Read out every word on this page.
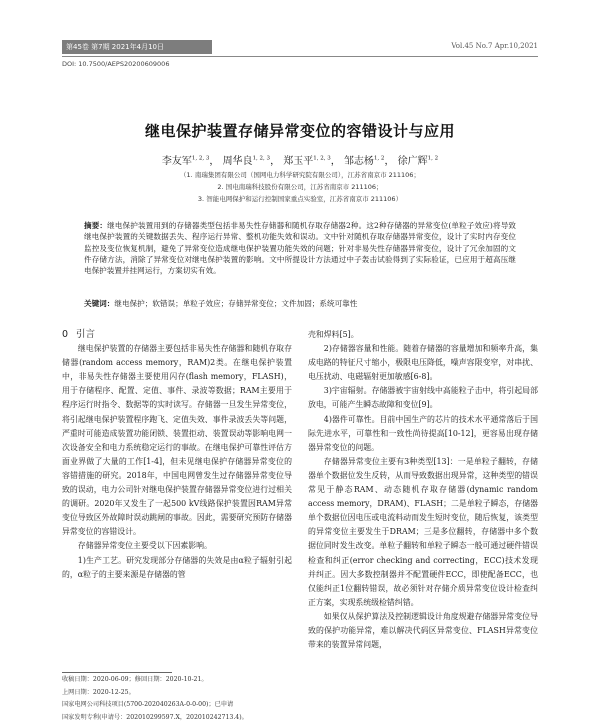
第45卷 第7期 2021年4月10日	Vol.45 No.7 Apr.10,2021
DOI: 10.7500/AEPS20200609006
继电保护装置存储异常变位的容错设计与应用
李友军$^{1, 2, 3}$， 周华良$^{1, 2, 3}$， 郑玉平$^{1, 2, 3}$， 邹志杨$^{1, 2}$， 徐广辉$^{1, 2}$
（1. 南瑞集团有限公司（国网电力科学研究院有限公司），江苏省南京市 211106；
2. 国电南瑞科技股份有限公司，江苏省南京市 211106；
3. 智能电网保护和运行控制国家重点实验室，江苏省南京市 211106）
摘要：继电保护装置用到的存储器类型包括非易失性存储器和随机存取存储器2种。这2种存储器的异常变位(单粒子效应)将导致继电保护装置的关键数据丢失、程序运行异常、整机功能失效和误动。文中针对随机存取存储器异常变位，设计了实时内存变位监控及变位恢复机制，避免了异常变位造成继电保护装置功能失效的问题；针对非易失性存储器异常变位，设计了冗余加固的文件存储方法，消除了异常变位对继电保护装置的影响。文中所提设计方法通过中子轰击试验得到了实际验证，已应用于超高压继电保护装置并挂网运行，方案切实有效。
关键词：继电保护；软错误；单粒子效应；存储异常变位；文件加固；系统可靠性

0 引言

继电保护装置的存储器主要包括非易失性存储器和随机存取存储器(random access memory，RAM)2类。在继电保护装置中，非易失性存储器主要使用闪存(flash memory，FLASH)，用于存储程序、配置、定值、事件、录波等数据；RAM主要用于程序运行时指令、数据等的实时读写。存储器一旦发生异常变位，将引起继电保护装置程序跑飞、定值失效、事件录波丢失等问题，严重时可能造成装置功能闭锁、装置拒动、装置误动等影响电网一次设备安全和电力系统稳定运行的事故。在继电保护可靠性评估方面业界做了大量的工作[1-4]，但未见继电保护存储器异常变位的容错措施的研究。2018年，中国电网曾发生过存储器异常变位导致的误动，电力公司针对继电保护装置存储器异常变位进行过相关的调研。2020年又发生了一起500 kV线路保护装置因RAM异常变位导致区外故障时误动跳闸的事故。因此，需要研究预防存储器异常变位的容错设计。

存储器异常变位主要受以下因素影响。

1)生产工艺。研究发现部分存储器的失效是由α粒子辐射引起的，α粒子的主要来源是存储器的管

壳和焊料[5]。

2)存储器容量和性能。随着存储器的容量增加和频率升高，集成电路的特征尺寸缩小，极限电压降低，噪声容限变窄，对串扰、电压扰动、电磁辐射更加敏感[6-8]。

3)宇宙辐射。存储器被宇宙射线中高能粒子击中，将引起局部放电，可能产生瞬态故障和变位[9]。

4)器件可靠性。目前中国生产的芯片的技术水平通常落后于国际先进水平，可靠性和一致性尚待提高[10-12]，更容易出现存储器异常变位的问题。

存储器异常变位主要有3种类型[13]：一是单粒子翻转，存储器单个数据位发生反转，从而导致数据出现异常，这种类型的错误常见于静态RAM、动态随机存取存储器(dynamic random access memory，DRAM)、FLASH；二是单粒子瞬态，存储器单个数据位因电压或电流料动而发生短时变位，随后恢复，该类型的异常变位主要发生于DRAM；三是多位翻转，存储器中多个数据位同时发生改变。单粒子翻转和单粒子瞬态一般可通过硬件错误检查和纠正(error checking and correcting，ECC)技术发现并纠正。因大多数控制器并不配置硬件ECC，即使配备ECC，也仅能纠正1位翻转错误，故必须针对存储介质异常变位设计检查纠正方案，实现系统级检错纠错。

如果仅从保护算法及控制逻辑设计角度规避存储器异常变位导致的保护功能异常，难以解决代码区异常变位、FLASH异常变位带来的装置异常问题，

收稿日期：2020-06-09；修回日期：2020-10-21。
上网日期：2020-12-25。
国家电网公司科技项目(5700-202040263A-0-0-00)；已申请
国家发明专利(申请号：202010299597.X，202010242713.4)。
